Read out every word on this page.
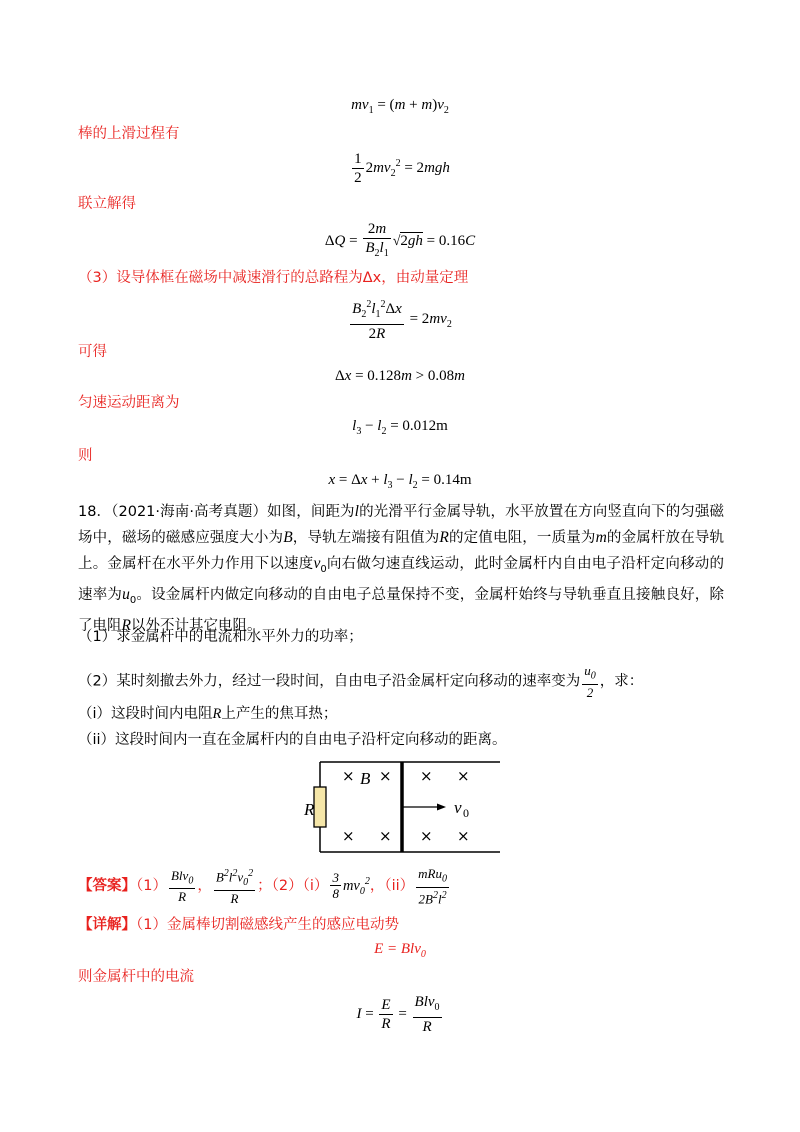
$mv_1 = (m + m)v_2$
棒的上滑过程有
$\frac{1}{2} 2mv_2^2 = 2mgh$
联立解得
$\Delta Q = \frac{2m}{B_2l_1} √2gh = 0.16C$
（3）设导体框在磁场中减速滑行的总路程为Δx，由动量定理
$\frac{B_2^2l_1^2\Delta x}{2R} = 2mv_2$
可得
Δx = 0.128m > 0.08m
匀速运动距离为
$l_3 - l_2 = 0.012m$
则
$x = \Delta x + l_3 - l_2 = 0.14m$
18．（2021·海南·高考真题）如图，间距为l的光滑平行金属导轨，水平放置在方向竖直向下的匀强磁场中，磁场的磁感应强度大小为B，导轨左端接有阻值为R的定值电阻，一质量为m的金属杆放在导轨上。金属杆在水平外力作用下以速度$v_0$向右做匀速直线运动，此时金属杆内自由电子沿杆定向移动的速率为$u_0$。设金属杆内做定向移动的自由电子总量保持不变，金属杆始终与导轨垂直且接触良好，除了电阻R以外不计其它电阻。
（1）求金属杆中的电流和水平外力的功率；
（2）某时刻撤去外力，经过一段时间，自由电子沿金属杆定向移动的速率变为 $\frac{u_0}{2}$ ，求：
（i）这段时间内电阻R上产生的焦耳热；
（ii）这段时间内一直在金属杆内的自由电子沿杆定向移动的距离。
R
B
v 0
× × × ×
× × × ×
【答案】$(1) \frac{Blv_0}{R}$ ， $\frac{B^2l^2v_0^2}{R}$ ；$(2)(i) \frac{3}{8} mv_0^2$，$(ii) \frac{mRu_0}{2B^2l^2}$
【详解】（1）金属棒切割磁感线产生的感应电动势
E = Blv$_0$
则金属杆中的电流
$I = \frac{E}{R} = \frac{Blv_0}{R}$
